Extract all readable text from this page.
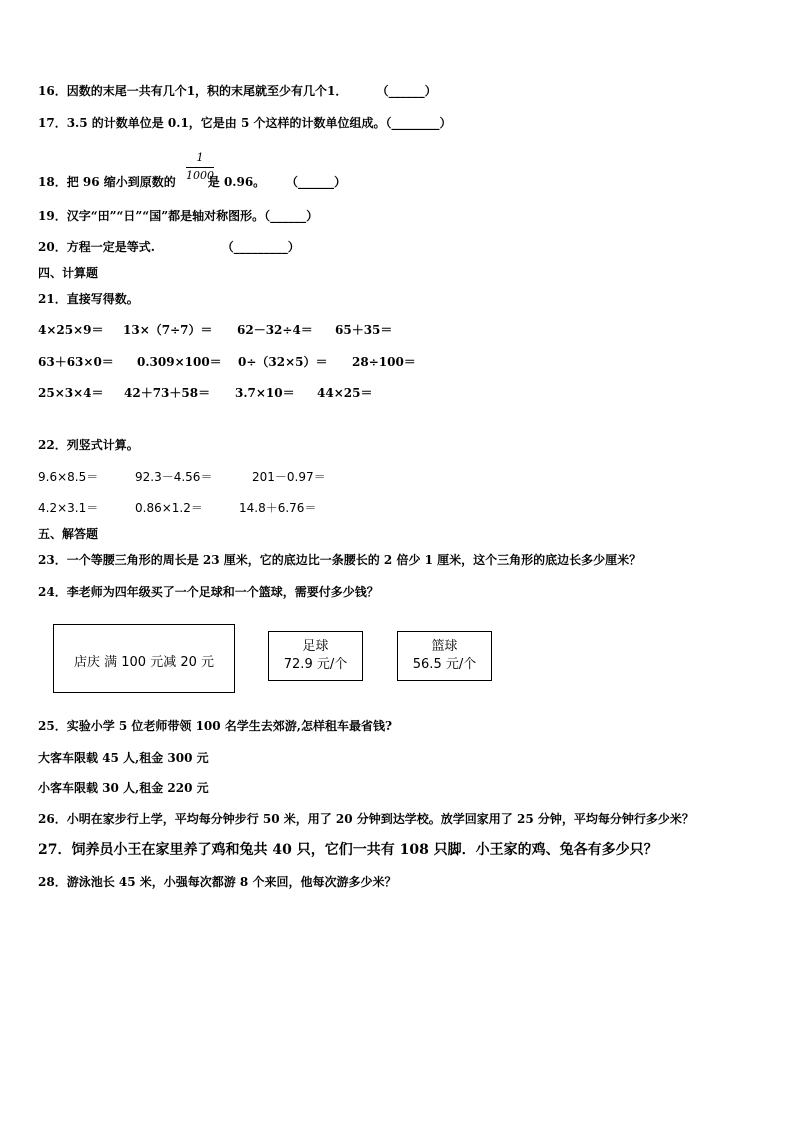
16．因数的末尾一共有几个1，积的末尾就至少有几个1．       （______）
17．3.5 的计数单位是 0.1，它是由 5 个这样的计数单位组成。（________）
18．把 96 缩小到原数的	是 0.96。     （______）
1
1000
19．汉字“田”“日”“国”都是轴对称图形。（______）
20．方程一定是等式.                （_________）
四、计算题
21．直接写得数。
4×25×9＝ 13×（7÷7）＝ 62－32÷4＝ 65＋35＝
63＋63×0＝ 0.309×100＝ 0÷（32×5）＝ 28÷100＝
25×3×4＝ 42＋73＋58＝ 3.7×10＝ 44×25＝
22．列竖式计算。
9.6×8.5＝	92.3－4.56＝	201－0.97＝
4.2×3.1＝	0.86×1.2＝	14.8＋6.76＝
五、解答题
23．一个等腰三角形的周长是 23 厘米，它的底边比一条腰长的 2 倍少 1 厘米，这个三角形的底边长多少厘米？
24．李老师为四年级买了一个足球和一个篮球，需要付多少钱？
店庆 满 100 元减 20 元
足球
72.9 元/个
篮球
56.5 元/个
25．实验小学 5 位老师带领 100 名学生去郊游,怎样租车最省钱?
大客车限载 45 人,租金 300 元
小客车限载 30 人,租金 220 元
26．小明在家步行上学，平均每分钟步行 50 米，用了 20 分钟到达学校。放学回家用了 25 分钟，平均每分钟行多少米？
27．饲养员小王在家里养了鸡和兔共 40 只，它们一共有 108 只脚．小王家的鸡、兔各有多少只？
28．游泳池长 45 米，小强每次都游 8 个来回，他每次游多少米？
